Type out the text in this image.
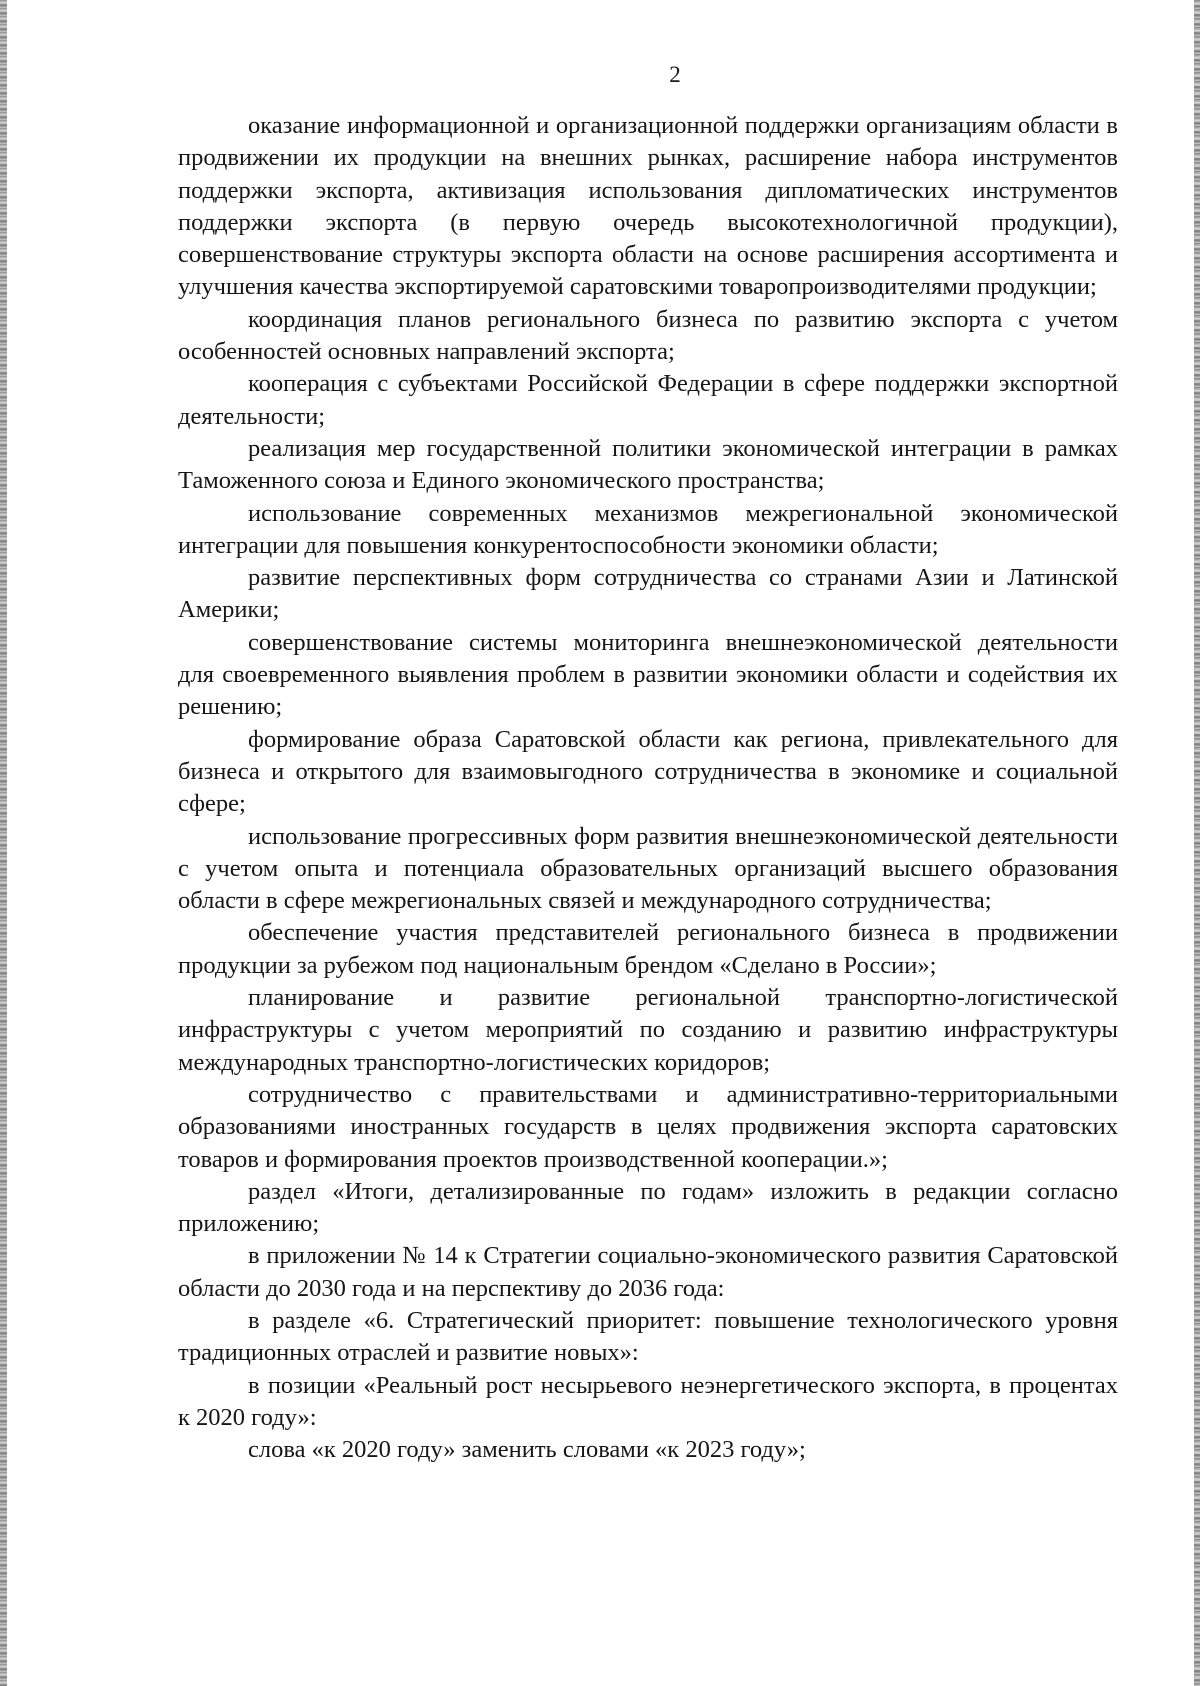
2

оказание информационной и организационной поддержки организациям области в продвижении их продукции на внешних рынках, расширение набора инструментов поддержки экспорта, активизация использования дипломатических инструментов поддержки экспорта (в первую очередь высокотехнологичной продукции), совершенствование структуры экспорта области на основе расширения ассортимента и улучшения качества экспортируемой саратовскими товаропроизводителями продукции;

координация планов регионального бизнеса по развитию экспорта с учетом особенностей основных направлений экспорта;

кооперация с субъектами Российской Федерации в сфере поддержки экспортной деятельности;

реализация мер государственной политики экономической интеграции в рамках Таможенного союза и Единого экономического пространства;

использование современных механизмов межрегиональной экономической интеграции для повышения конкурентоспособности экономики области;

развитие перспективных форм сотрудничества со странами Азии и Латинской Америки;

совершенствование системы мониторинга внешнеэкономической деятельности для своевременного выявления проблем в развитии экономики области и содействия их решению;

формирование образа Саратовской области как региона, привлекательного для бизнеса и открытого для взаимовыгодного сотрудничества в экономике и социальной сфере;

использование прогрессивных форм развития внешнеэкономической деятельности с учетом опыта и потенциала образовательных организаций высшего образования области в сфере межрегиональных связей и международного сотрудничества;

обеспечение участия представителей регионального бизнеса в продвижении продукции за рубежом под национальным брендом «Сделано в России»;

планирование и развитие региональной транспортно-логистической инфраструктуры с учетом мероприятий по созданию и развитию инфраструктуры международных транспортно-логистических коридоров;

сотрудничество с правительствами и административно-территориальными образованиями иностранных государств в целях продвижения экспорта саратовских товаров и формирования проектов производственной кооперации.»;

раздел «Итоги, детализированные по годам» изложить в редакции согласно приложению;

в приложении № 14 к Стратегии социально-экономического развития Саратовской области до 2030 года и на перспективу до 2036 года:

в разделе «6. Стратегический приоритет: повышение технологического уровня традиционных отраслей и развитие новых»:

в позиции «Реальный рост несырьевого неэнергетического экспорта, в процентах к 2020 году»:

слова «к 2020 году» заменить словами «к 2023 году»;
